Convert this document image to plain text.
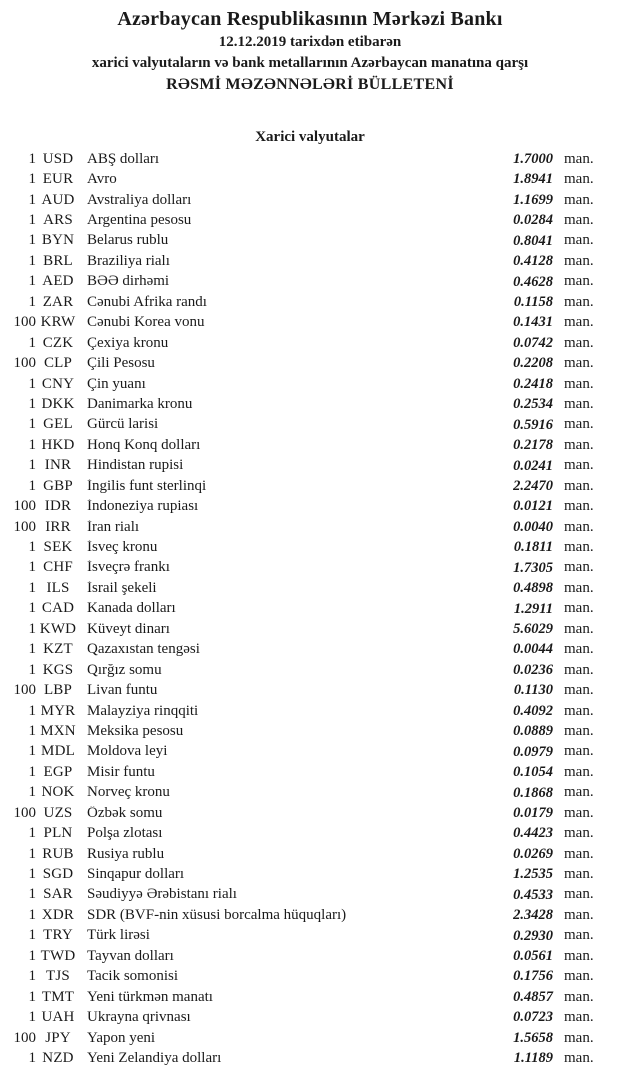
Azərbaycan Respublikasının Mərkəzi Bankı
12.12.2019 tarixdən etibarən
xarici valyutaların və bank metallarının Azərbaycan manatına qarşı
RƏSMİ MƏZƏNNƏLƏRİ BÜLLETENİ
Xarici valyutalar
1 USD ABŞ dolları	1.7000 man.
1 EUR Avro	1.8941 man.
1 AUD Avstraliya dolları	1.1699 man.
1 ARS Argentina pesosu	0.0284 man.
1 BYN Belarus rublu	0.8041 man.
1 BRL Braziliya rialı	0.4128 man.
1 AED BƏƏ dirhəmi	0.4628 man.
1 ZAR Cənubi Afrika randı	0.1158 man.
100 KRW Cənubi Korea vonu	0.1431 man.
1 CZK Çexiya kronu	0.0742 man.
100 CLP Çili Pesosu	0.2208 man.
1 CNY Çin yuanı	0.2418 man.
1 DKK Danimarka kronu	0.2534 man.
1 GEL Gürcü larisi	0.5916 man.
1 HKD Honq Konq dolları	0.2178 man.
1 INR	Hindistan rupisi	0.0241 man.
1 GBP İngilis funt sterlinqi	2.2470 man.
100 IDR	İndoneziya rupiası	0.0121 man.
100 IRR	İran rialı	0.0040 man.
1 SEK İsveç kronu	0.1811 man.
1 CHF İsveçrə frankı	1.7305 man.
1 ILS	İsrail şekeli	0.4898 man.
1 CAD Kanada dolları	1.2911 man.
1 KWD Küveyt dinarı	5.6029 man.
1 KZT Qazaxıstan tengəsi	0.0044 man.
1 KGS Qırğız somu	0.0236 man.
100 LBP Livan funtu	0.1130 man.
1 MYR Malayziya rinqqiti	0.4092 man.
1 MXN Meksika pesosu	0.0889 man.
1 MDL Moldova leyi	0.0979 man.
1 EGP Misir funtu	0.1054 man.
1 NOK Norveç kronu	0.1868 man.
100 UZS Özbək somu	0.0179 man.
1 PLN Polşa zlotası	0.4423 man.
1 RUB Rusiya rublu	0.0269 man.
1 SGD Sinqapur dolları	1.2535 man.
1 SAR Səudiyyə Ərəbistanı rialı	0.4533 man.
1 XDR SDR (BVF-nin xüsusi borcalma hüquqları)	2.3428 man.
1 TRY Türk lirəsi	0.2930 man.
1 TWD Tayvan dolları	0.0561 man.
1 TJS	Tacik somonisi	0.1756 man.
1 TMT Yeni türkmən manatı	0.4857 man.
1 UAH Ukrayna qrivnası	0.0723 man.
100 JPY	Yapon yeni	1.5658 man.
1 NZD Yeni Zelandiya dolları	1.1189 man.
